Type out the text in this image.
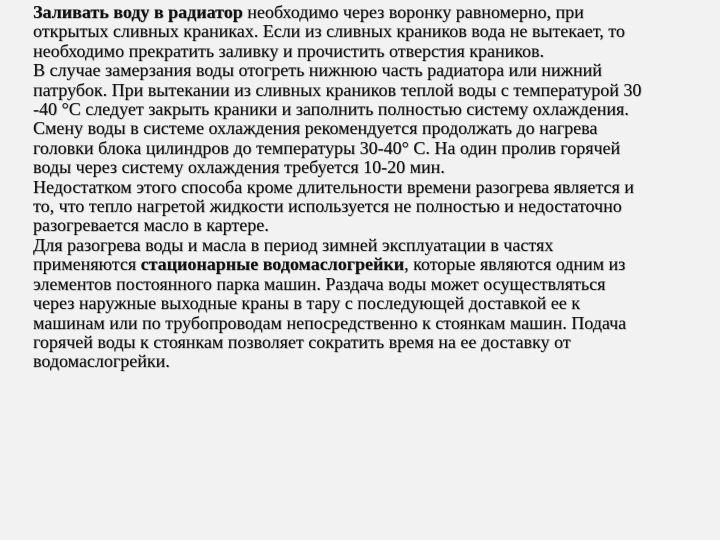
Заливать воду в радиатор необходимо через воронку равномерно, при
открытых сливных краниках. Если из сливных краников вода не вытекает, то
необходимо прекратить заливку и прочистить отверстия краников.
В случае замерзания воды отогреть нижнюю часть радиатора или нижний
патрубок. При вытекании из сливных краников теплой воды с температурой 30
-40 °С следует закрыть краники и заполнить полностью систему охлаждения.
Смену воды в системе охлаждения рекомендуется продолжать до нагрева
головки блока цилиндров до температуры 30-40° С. На один пролив горячей
воды через систему охлаждения требуется 10-20 мин.
Недостатком этого способа кроме длительности времени разогрева является и
то, что тепло нагретой жидкости используется не полностью и недостаточно
разогревается масло в картере.
Для разогрева воды и масла в период зимней эксплуатации в частях
применяются стационарные водомаслогрейки, которые являются одним из
элементов постоянного парка машин. Раздача воды может осуществляться
через наружные выходные краны в тару с последующей доставкой ее к
машинам или по трубопроводам непосредственно к стоянкам машин. Подача
горячей воды к стоянкам позволяет сократить время на ее доставку от
водомаслогрейки.
